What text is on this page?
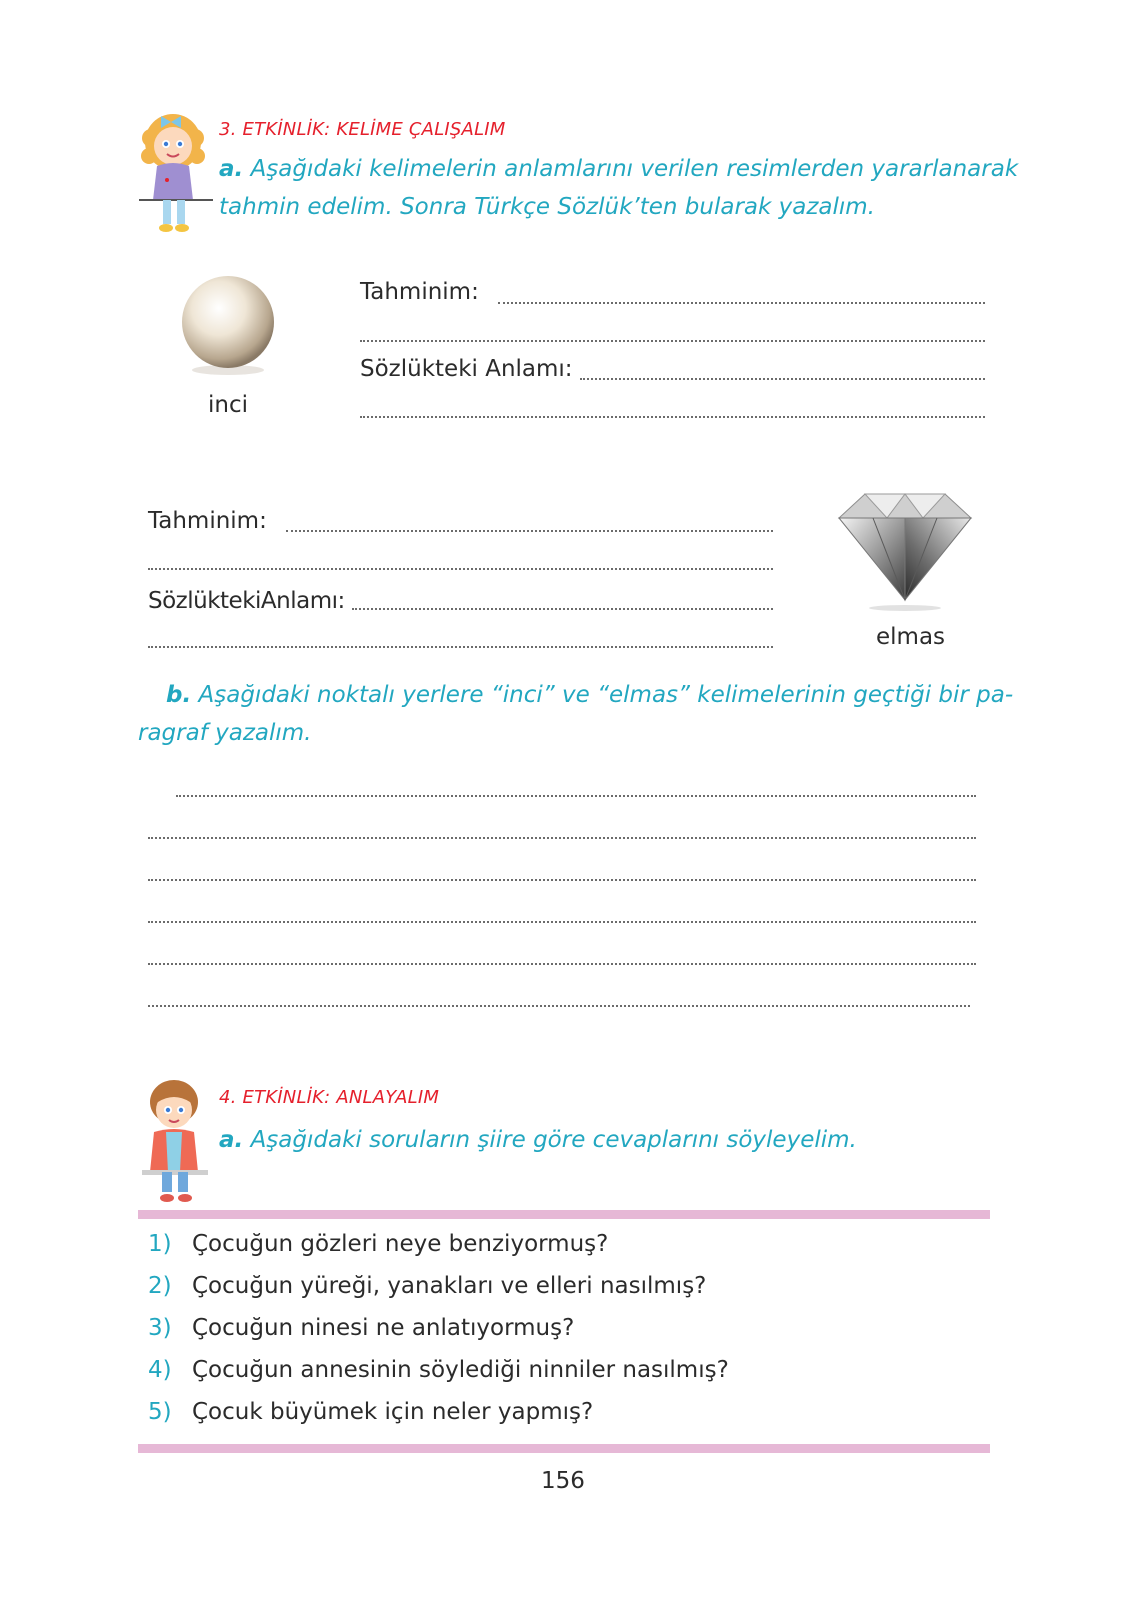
3. ETKİNLİK: KELİME ÇALIŞALIM
a. Aşağıdaki kelimelerin anlamlarını verilen resimlerden yararlanarak
tahmin edelim. Sonra Türkçe Sözlük’ten bularak yazalım.
inci
Tahminim:
Sözlükteki Anlamı:
Tahminim:
SözlüktekiAnlamı:
elmas
b. Aşağıdaki noktalı yerlere “inci” ve “elmas” kelimelerinin geçtiği bir pa-
ragraf yazalım.
4. ETKİNLİK: ANLAYALIM
a. Aşağıdaki soruların şiire göre cevaplarını söyleyelim.
1) Çocuğun gözleri neye benziyormuş?
2) Çocuğun yüreği, yanakları ve elleri nasılmış?
3) Çocuğun ninesi ne anlatıyormuş?
4) Çocuğun annesinin söylediği ninniler nasılmış?
5) Çocuk büyümek için neler yapmış?
156
